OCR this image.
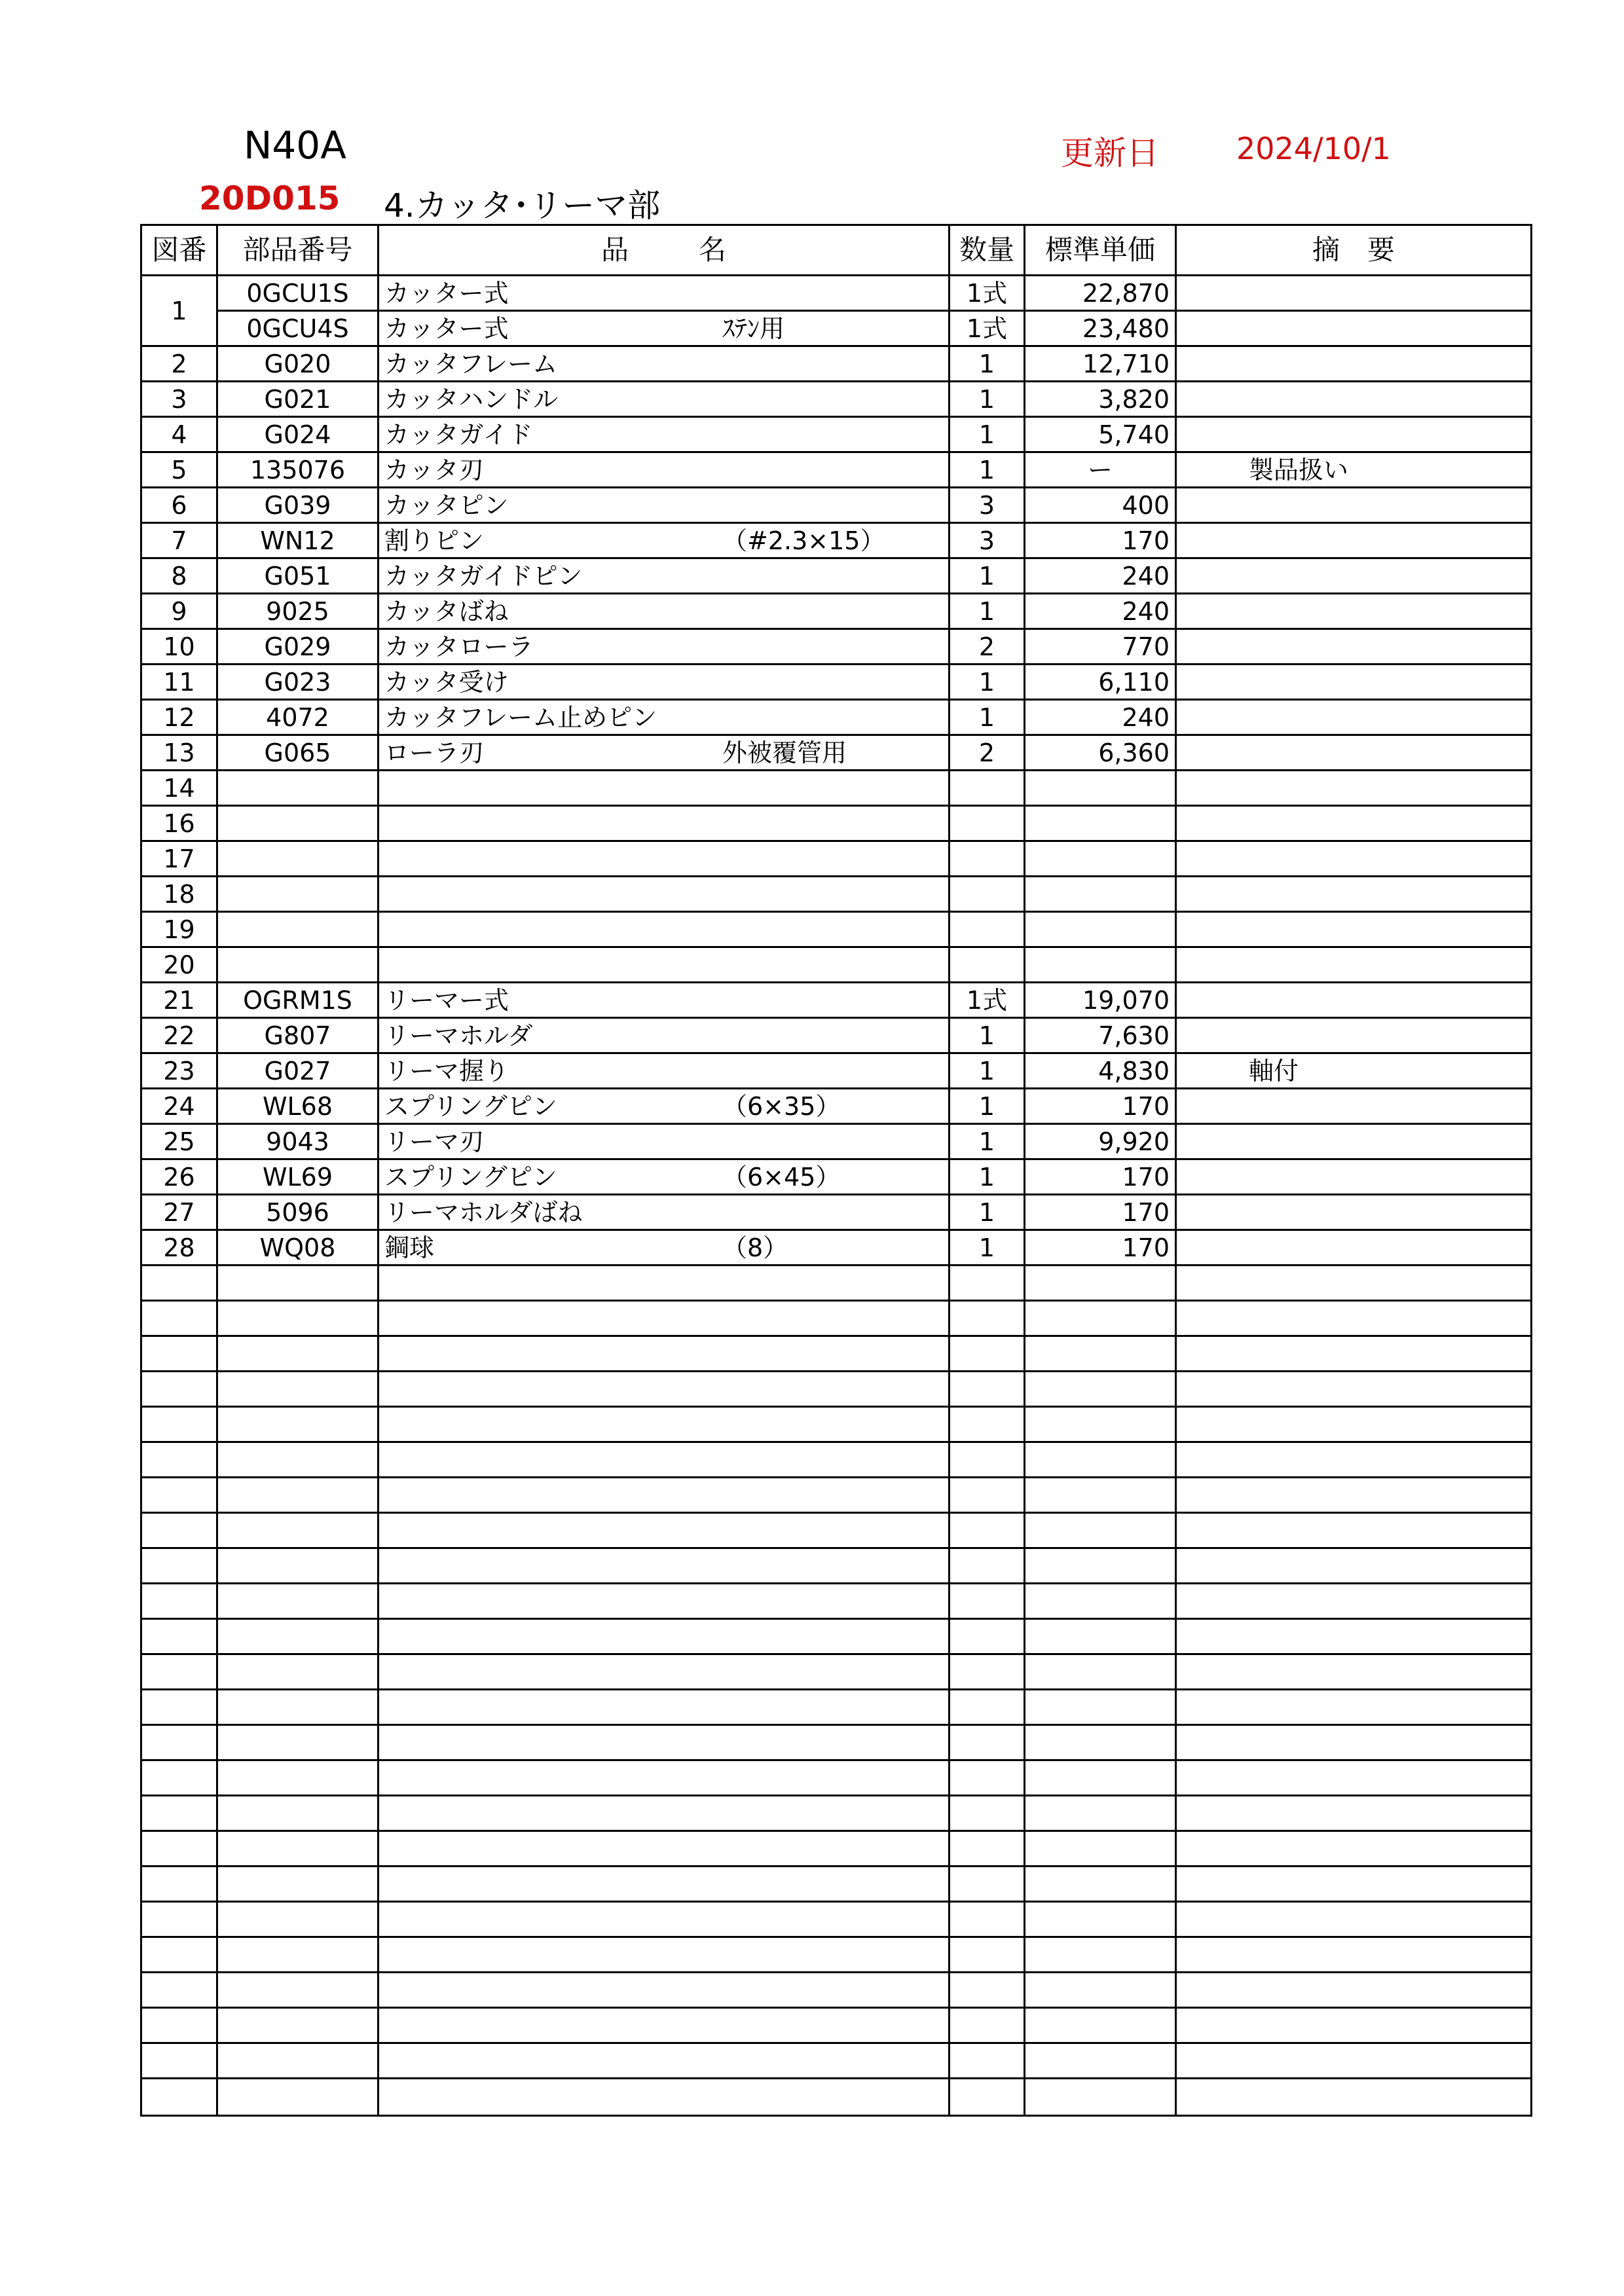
N40A	更新日	2024/10/1
20D015 4.カッタ･リーマ部
図番	部品番号	品 名	数量	標準単価	摘　要
1	0GCU1S	カッター式	1式	22,870	
	0GCU4S	カッター式 ｽﾃﾝ用	1式	23,480	
2	G020	カッタフレーム	1	12,710	
3	G021	カッタハンドル	1	3,820	
4	G024	カッタガイド	1	5,740	
5	135076	カッタ刃	1	ー	製品扱い
6	G039	カッタピン	3	400	
7	WN12	割りピン （#2.3×15）	3	170	
8	G051	カッタガイドピン	1	240	
9	9025	カッタばね	1	240	
10	G029	カッタローラ	2	770	
11	G023	カッタ受け	1	6,110	
12	4072	カッタフレーム止めピン	1	240	
13	G065	ローラ刃 外被覆管用	2	6,360	
14					
16					
17					
18					
19					
20					
21	OGRM1S	リーマー式	1式	19,070	
22	G807	リーマホルダ	1	7,630	
23	G027	リーマ握り	1	4,830	軸付
24	WL68	スプリングピン （6×35）	1	170	
25	9043	リーマ刃	1	9,920	
26	WL69	スプリングピン （6×45）	1	170	
27	5096	リーマホルダばね	1	170	
28	WQ08	鋼球 （8）	1	170	
